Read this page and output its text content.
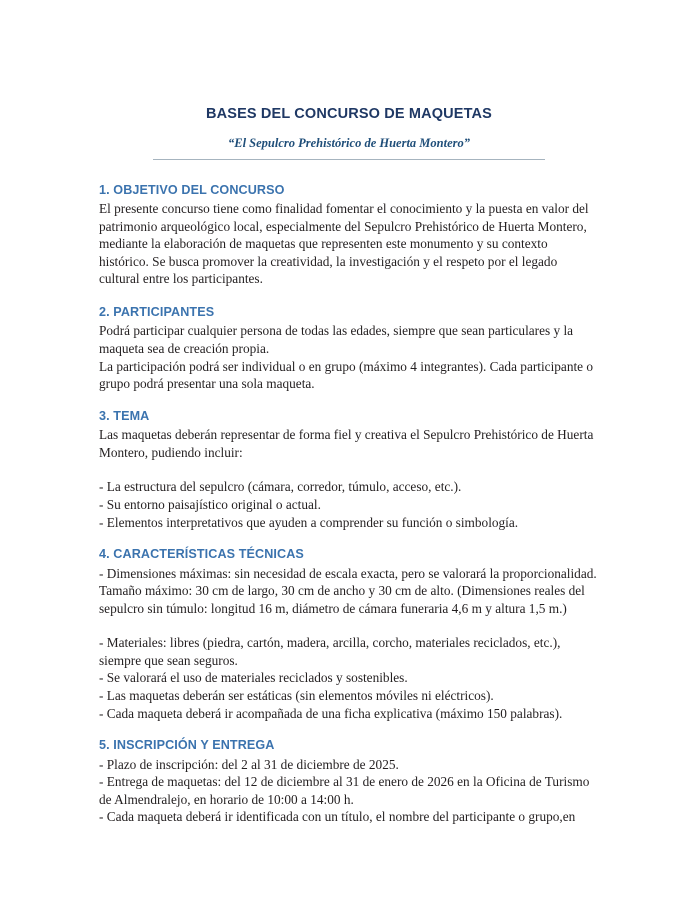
BASES DEL CONCURSO DE MAQUETAS
“El Sepulcro Prehistórico de Huerta Montero”
1. OBJETIVO DEL CONCURSO

El presente concurso tiene como finalidad fomentar el conocimiento y la puesta en valor del patrimonio arqueológico local, especialmente del Sepulcro Prehistórico de Huerta Montero, mediante la elaboración de maquetas que representen este monumento y su contexto histórico. Se busca promover la creatividad, la investigación y el respeto por el legado cultural entre los participantes.

2. PARTICIPANTES

Podrá participar cualquier persona de todas las edades, siempre que sean particulares y la maqueta sea de creación propia.

La participación podrá ser individual o en grupo (máximo 4 integrantes). Cada participante o grupo podrá presentar una sola maqueta.

3. TEMA

Las maquetas deberán representar de forma fiel y creativa el Sepulcro Prehistórico de Huerta Montero, pudiendo incluir:

- La estructura del sepulcro (cámara, corredor, túmulo, acceso, etc.).

- Su entorno paisajístico original o actual.

- Elementos interpretativos que ayuden a comprender su función o simbología.

4. CARACTERÍSTICAS TÉCNICAS

- Dimensiones máximas: sin necesidad de escala exacta, pero se valorará la proporcionalidad. Tamaño máximo: 30 cm de largo, 30 cm de ancho y 30 cm de alto. (Dimensiones reales del sepulcro sin túmulo: longitud 16 m, diámetro de cámara funeraria 4,6 m y altura 1,5 m.)

- Materiales: libres (piedra, cartón, madera, arcilla, corcho, materiales reciclados, etc.), siempre que sean seguros.

- Se valorará el uso de materiales reciclados y sostenibles.

- Las maquetas deberán ser estáticas (sin elementos móviles ni eléctricos).

- Cada maqueta deberá ir acompañada de una ficha explicativa (máximo 150 palabras).

5. INSCRIPCIÓN Y ENTREGA

- Plazo de inscripción: del 2 al 31 de diciembre de 2025.

- Entrega de maquetas: del 12 de diciembre al 31 de enero de 2026 en la Oficina de Turismo de Almendralejo, en horario de 10:00 a 14:00 h.

- Cada maqueta deberá ir identificada con un título, el nombre del participante o grupo,en
